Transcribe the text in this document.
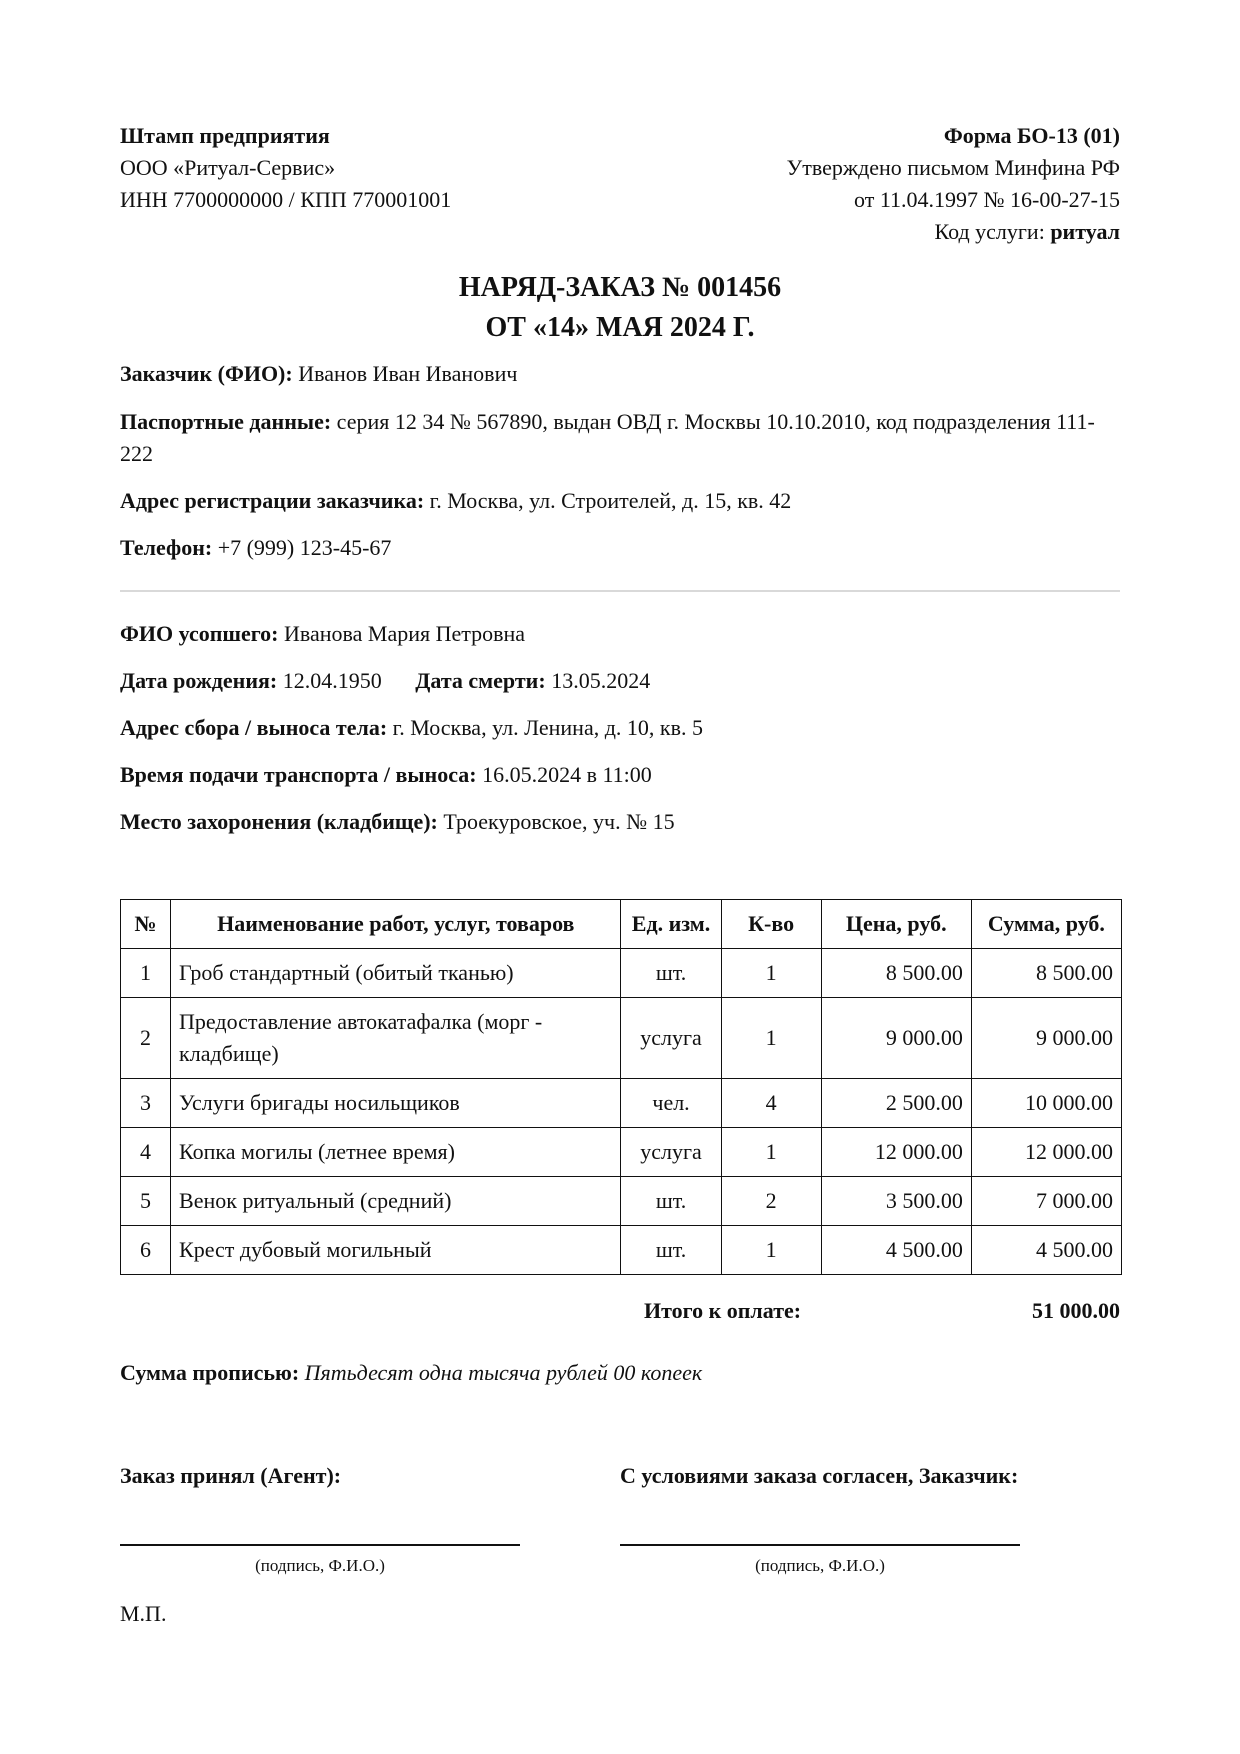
Штамп предприятия
ООО «Ритуал-Сервис»
ИНН 7700000000 / КПП 770001001
Форма БО-13 (01)
Утверждено письмом Минфина РФ
от 11.04.1997 № 16-00-27-15
Код услуги: ритуал
НАРЯД-ЗАКАЗ № 001456
ОТ «14» МАЯ 2024 Г.

Заказчик (ФИО): Иванов Иван Иванович

Паспортные данные: серия 12 34 № 567890, выдан ОВД г. Москвы 10.10.2010, код подразделения 111-222

Адрес регистрации заказчика: г. Москва, ул. Строителей, д. 15, кв. 42

Телефон: +7 (999) 123-45-67

ФИО усопшего: Иванова Мария Петровна

Дата рождения: 12.04.1950 Дата смерти: 13.05.2024

Адрес сбора / выноса тела: г. Москва, ул. Ленина, д. 10, кв. 5

Время подачи транспорта / выноса: 16.05.2024 в 11:00

Место захоронения (кладбище): Троекуровское, уч. № 15

№	Наименование работ, услуг, товаров	Ед. изм.	К-во	Цена, руб.	Сумма, руб.
1	Гроб стандартный (обитый тканью)	шт.	1	8 500.00	8 500.00
2	Предоставление автокатафалка (морг - кладбище)	услуга	1	9 000.00	9 000.00
3	Услуги бригады носильщиков	чел.	4	2 500.00	10 000.00
4	Копка могилы (летнее время)	услуга	1	12 000.00	12 000.00
5	Венок ритуальный (средний)	шт.	2	3 500.00	7 000.00
6	Крест дубовый могильный	шт.	1	4 500.00	4 500.00
Итого к оплате:	51 000.00

Сумма прописью: Пятьдесят одна тысяча рублей 00 копеек

Заказ принял (Агент):	С условиями заказа согласен, Заказчик:
(подпись, Ф.И.О.)	(подпись, Ф.И.О.)
М.П.
